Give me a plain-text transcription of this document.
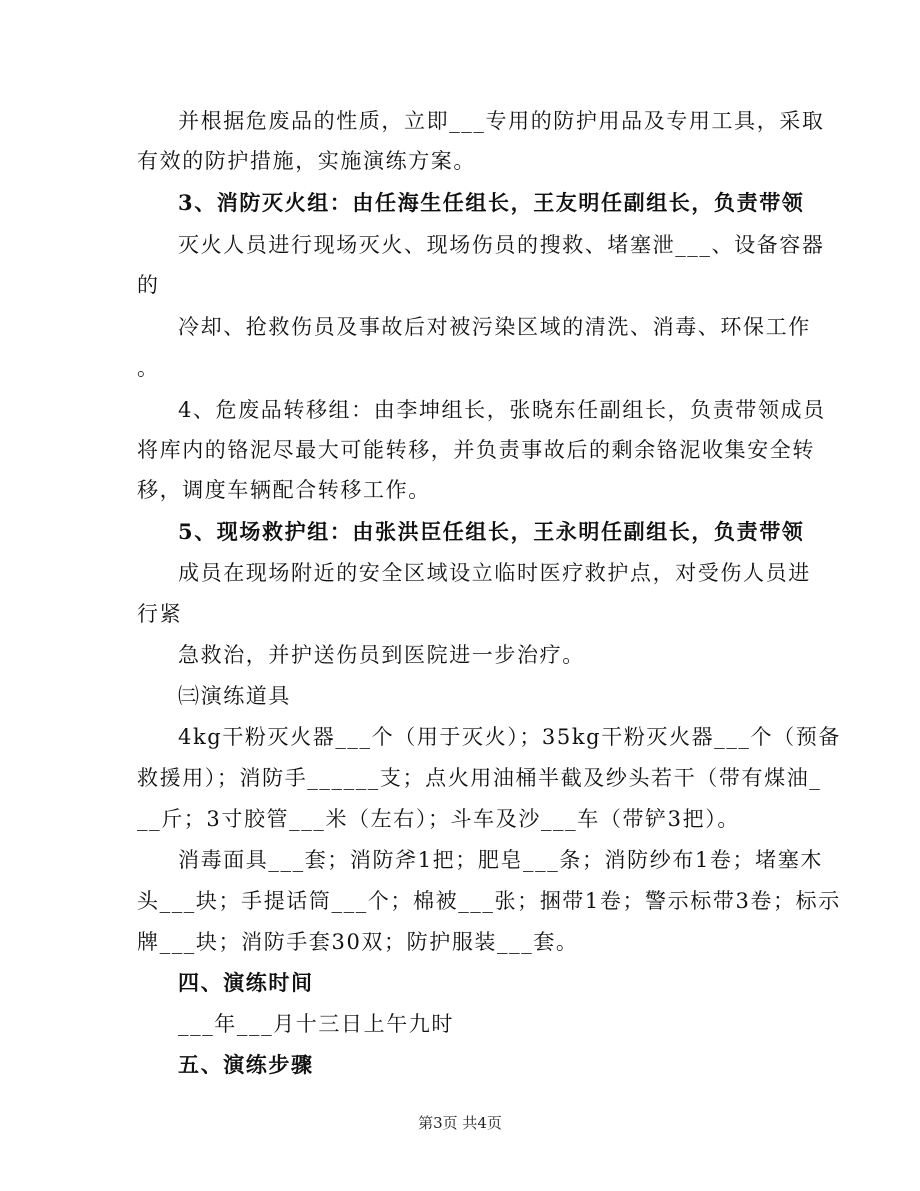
并根据危废品的性质，立即___专用的防护用品及专用工具，采取
有效的防护措施，实施演练方案。
3、消防灭火组：由任海生任组长，王友明任副组长，负责带领
灭火人员进行现场灭火、现场伤员的搜救、堵塞泄___、设备容器
的
冷却、抢救伤员及事故后对被污染区域的清洗、消毒、环保工作
。
4、危废品转移组：由李坤组长，张晓东任副组长，负责带领成员
将库内的铬泥尽最大可能转移，并负责事故后的剩余铬泥收集安全转
移，调度车辆配合转移工作。
5、现场救护组：由张洪臣任组长，王永明任副组长，负责带领
成员在现场附近的安全区域设立临时医疗救护点，对受伤人员进
行紧
急救治，并护送伤员到医院进一步治疗。
㈢演练道具
4kg干粉灭火器___个（用于灭火）；35kg干粉灭火器___个（预备
救援用）；消防手______支；点火用油桶半截及纱头若干（带有煤油_
__斤；3寸胶管___米（左右）；斗车及沙___车（带铲3把）。
消毒面具___套；消防斧1把；肥皂___条；消防纱布1卷；堵塞木
头___块；手提话筒___个；棉被___张；捆带1卷；警示标带3卷；标示
牌___块；消防手套30双；防护服装___套。
四、演练时间
___年___月十三日上午九时
五、演练步骤
第3页 共4页
